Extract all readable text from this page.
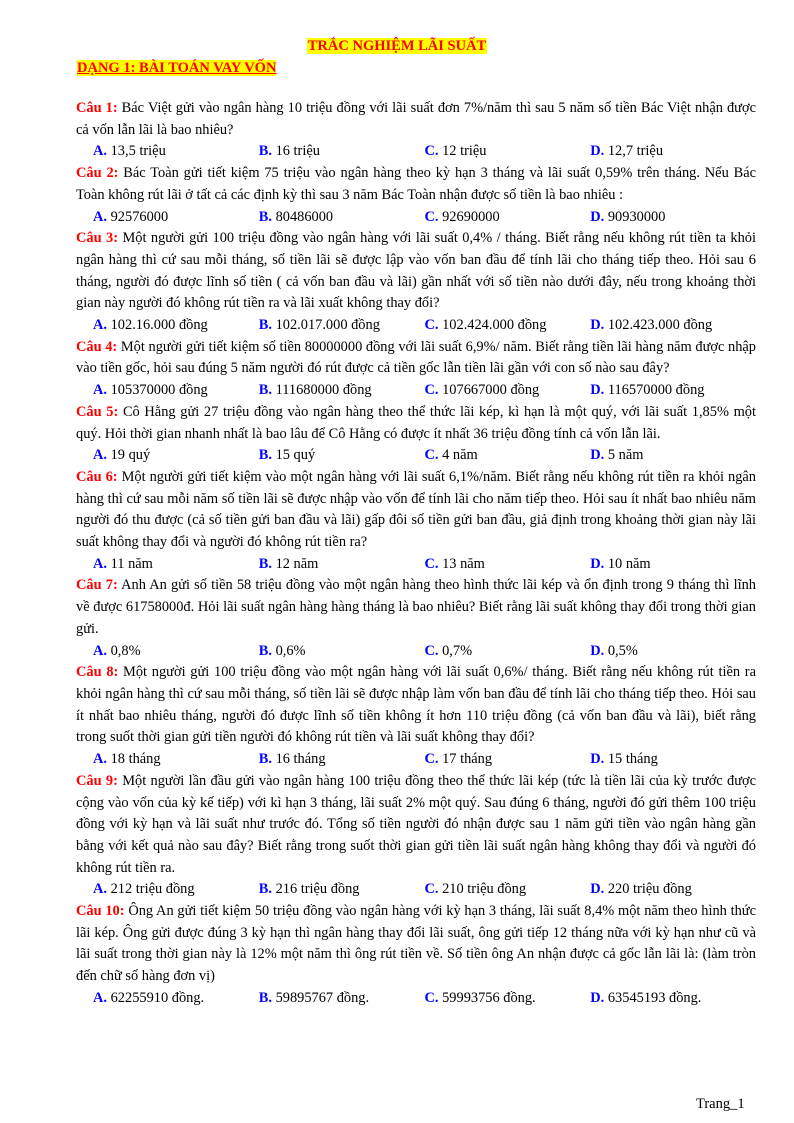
TRẮC NGHIỆM LÃI SUẤT
DẠNG 1: BÀI TOÁN VAY VỐN

Câu 1: Bác Việt gửi vào ngân hàng 10 triệu đồng với lãi suất đơn 7%/năm thì sau 5 năm số tiền Bác Việt nhận được cả vốn lẫn lãi là bao nhiêu?

A. 13,5 triệu	B. 16 triệu	C. 12 triệu	D. 12,7 triệu

Câu 2: Bác Toàn gửi tiết kiệm 75 triệu vào ngân hàng theo kỳ hạn 3 tháng và lãi suất 0,59% trên tháng. Nếu Bác Toàn không rút lãi ở tất cả các định kỳ thì sau 3 năm Bác Toàn nhận được số tiền là bao nhiêu :

A. 92576000	B. 80486000	C. 92690000	D. 90930000

Câu 3: Một người gửi 100 triệu đồng vào ngân hàng với lãi suất 0,4% / tháng. Biết rằng nếu không rút tiền ta khỏi ngân hàng thì cứ sau mỗi tháng, số tiền lãi sẽ được lập vào vốn ban đầu để tính lãi cho tháng tiếp theo. Hỏi sau 6 tháng, người đó được lĩnh số tiền ( cả vốn ban đầu và lãi) gần nhất với số tiền nào dưới đây, nếu trong khoảng thời gian này người đó không rút tiền ra và lãi xuất không thay đổi?

A. 102.16.000 đồng	B. 102.017.000 đồng	C. 102.424.000 đồng	D. 102.423.000 đồng

Câu 4: Một người gửi tiết kiệm số tiền 80000000 đồng với lãi suất 6,9%/ năm. Biết rằng tiền lãi hàng năm được nhập vào tiền gốc, hỏi sau đúng 5 năm người đó rút được cả tiền gốc lẫn tiền lãi gần với con số nào sau đây?

A. 105370000 đồng	B. 111680000 đồng	C. 107667000 đồng	D. 116570000 đồng

Câu 5: Cô Hằng gửi 27 triệu đồng vào ngân hàng theo thể thức lãi kép, kì hạn là một quý, với lãi suất 1,85% một quý. Hỏi thời gian nhanh nhất là bao lâu để Cô Hằng có được ít nhất 36 triệu đồng tính cả vốn lẫn lãi.

A. 19 quý	B. 15 quý	C. 4 năm	D. 5 năm

Câu 6: Một người gửi tiết kiệm vào một ngân hàng với lãi suất 6,1%/năm. Biết rằng nếu không rút tiền ra khỏi ngân hàng thì cứ sau mỗi năm số tiền lãi sẽ được nhập vào vốn để tính lãi cho năm tiếp theo. Hỏi sau ít nhất bao nhiêu năm người đó thu được (cả số tiền gửi ban đầu và lãi) gấp đôi số tiền gửi ban đầu, giả định trong khoảng thời gian này lãi suất không thay đổi và người đó không rút tiền ra?

A. 11 năm	B. 12 năm	C. 13 năm	D. 10 năm

Câu 7: Anh An gửi số tiền 58 triệu đồng vào một ngân hàng theo hình thức lãi kép và ổn định trong 9 tháng thì lĩnh về được 61758000đ. Hỏi lãi suất ngân hàng hàng tháng là bao nhiêu? Biết rằng lãi suất không thay đổi trong thời gian gửi.

A. 0,8%	B. 0,6%	C. 0,7%	D. 0,5%

Câu 8: Một người gửi 100 triệu đồng vào một ngân hàng với lãi suất 0,6%/ tháng. Biết rằng nếu không rút tiền ra khỏi ngân hàng thì cứ sau mỗi tháng, số tiền lãi sẽ được nhập làm vốn ban đầu để tính lãi cho tháng tiếp theo. Hỏi sau ít nhất bao nhiêu tháng, người đó được lĩnh số tiền không ít hơn 110 triệu đồng (cả vốn ban đầu và lãi), biết rằng trong suốt thời gian gửi tiền người đó không rút tiền và lãi suất không thay đổi?

A. 18 tháng	B. 16 tháng	C. 17 tháng	D. 15 tháng

Câu 9: Một người lần đầu gửi vào ngân hàng 100 triệu đồng theo thể thức lãi kép (tức là tiền lãi của kỳ trước được cộng vào vốn của kỳ kế tiếp) với kì hạn 3 tháng, lãi suất 2% một quý. Sau đúng 6 tháng, người đó gửi thêm 100 triệu đồng với kỳ hạn và lãi suất như trước đó. Tổng số tiền người đó nhận được sau 1 năm gửi tiền vào ngân hàng gần bằng với kết quả nào sau đây? Biết rằng trong suốt thời gian gửi tiền lãi suất ngân hàng không thay đổi và người đó không rút tiền ra.

A. 212 triệu đồng	B. 216 triệu đồng	C. 210 triệu đồng	D. 220 triệu đồng

Câu 10: Ông An gửi tiết kiệm 50 triệu đồng vào ngân hàng với kỳ hạn 3 tháng, lãi suất 8,4% một năm theo hình thức lãi kép. Ông gửi được đúng 3 kỳ hạn thì ngân hàng thay đổi lãi suất, ông gửi tiếp 12 tháng nữa với kỳ hạn như cũ và lãi suất trong thời gian này là 12% một năm thì ông rút tiền về. Số tiền ông An nhận được cả gốc lẫn lãi là: (làm tròn đến chữ số hàng đơn vị)

A. 62255910 đồng.	B. 59895767 đồng.	C. 59993756 đồng.	D. 63545193 đồng.
Trang_1
